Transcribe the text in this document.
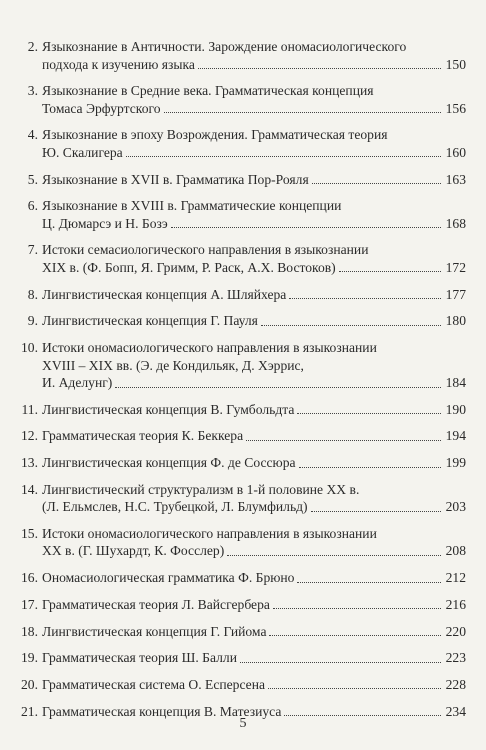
2. Языкознание в Античности. Зарождение ономасиологического
подхода к изучению языка	150
3. Языкознание в Средние века. Грамматическая концепция
Томаса Эрфуртского	156
4. Языкознание в эпоху Возрождения. Грамматическая теория
Ю. Скалигера	160
5. Языкознание в XVII в. Грамматика Пор-Рояля	163
6. Языкознание в XVIII в. Грамматические концепции
Ц. Дюмарсэ и Н. Бозэ	168
7. Истоки семасиологического направления в языкознании
XIX в. (Ф. Бопп, Я. Гримм, Р. Раск, А.Х. Востоков)	172
8. Лингвистическая концепция А. Шляйхера	177
9. Лингвистическая концепция Г. Пауля	180
10. Истоки ономасиологического направления в языкознании
XVIII – XIX вв. (Э. де Кондильяк, Д. Хэррис,
И. Аделунг)	184
11. Лингвистическая концепция В. Гумбольдта	190
12. Грамматическая теория К. Беккера	194
13. Лингвистическая концепция Ф. де Соссюра	199
14. Лингвистический структурализм в 1-й половине XX в.
(Л. Ельмслев, Н.С. Трубецкой, Л. Блумфильд)	203
15. Истоки ономасиологического направления в языкознании
XX в. (Г. Шухардт, К. Фосслер)	208
16. Ономасиологическая грамматика Ф. Брюно	212
17. Грамматическая теория Л. Вайсгербера	216
18. Лингвистическая концепция Г. Гийома	220
19. Грамматическая теория Ш. Балли	223
20. Грамматическая система О. Есперсена	228
21. Грамматическая концепция В. Матезиуса	234
5
